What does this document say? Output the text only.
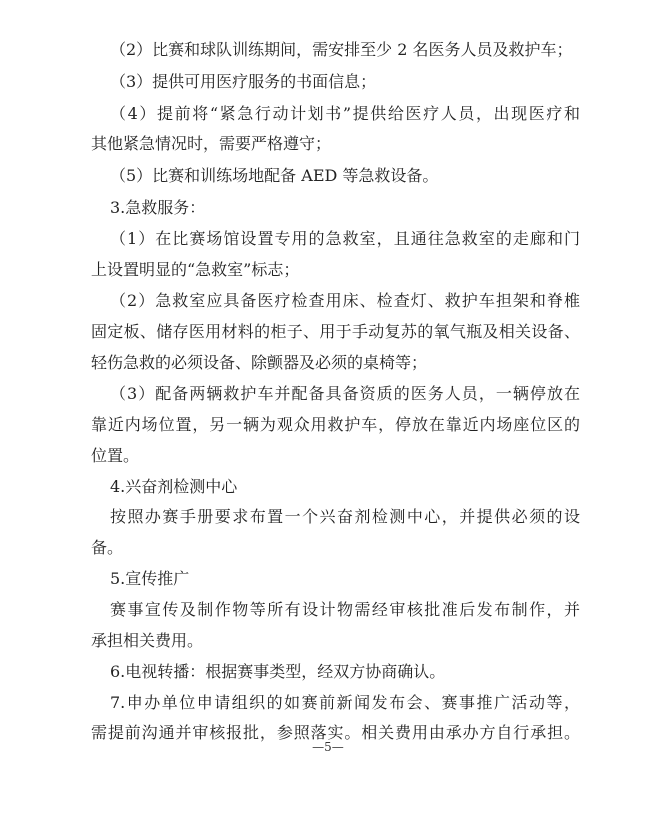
（2）比赛和球队训练期间，需安排至少 2 名医务人员及救护车；
（3）提供可用医疗服务的书面信息；
（4）提前将“紧急行动计划书”提供给医疗人员，出现医疗和
其他紧急情况时，需要严格遵守；
（5）比赛和训练场地配备 AED 等急救设备。
3.急救服务：
（1）在比赛场馆设置专用的急救室，且通往急救室的走廊和门
上设置明显的“急救室”标志；
（2）急救室应具备医疗检查用床、检查灯、救护车担架和脊椎
固定板、储存医用材料的柜子、用于手动复苏的氧气瓶及相关设备、
轻伤急救的必须设备、除颤器及必须的桌椅等；
（3）配备两辆救护车并配备具备资质的医务人员，一辆停放在
靠近内场位置，另一辆为观众用救护车，停放在靠近内场座位区的
位置。
4.兴奋剂检测中心
按照办赛手册要求布置一个兴奋剂检测中心，并提供必须的设
备。
5.宣传推广
赛事宣传及制作物等所有设计物需经审核批准后发布制作，并
承担相关费用。
6.电视转播：根据赛事类型，经双方协商确认。
7.申办单位申请组织的如赛前新闻发布会、赛事推广活动等，
需提前沟通并审核报批，参照落实。相关费用由承办方自行承担。
—5—
